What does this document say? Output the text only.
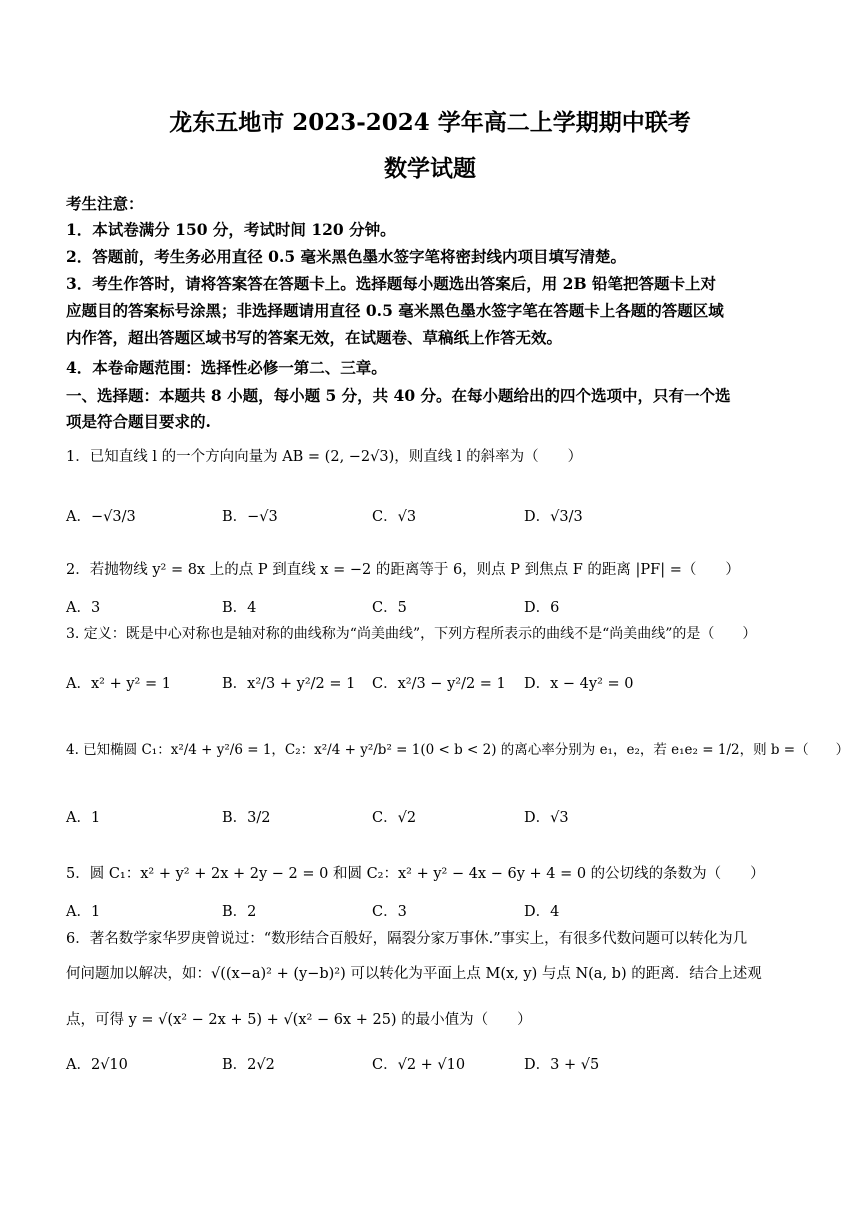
龙东五地市 2023-2024 学年高二上学期期中联考
数学试题
考生注意：
1．本试卷满分 150 分，考试时间 120 分钟。
2．答题前，考生务必用直径 0.5 毫米黑色墨水签字笔将密封线内项目填写清楚。
3．考生作答时，请将答案答在答题卡上。选择题每小题选出答案后，用 2B 铅笔把答题卡上对
应题目的答案标号涂黑；非选择题请用直径 0.5 毫米黑色墨水签字笔在答题卡上各题的答题区域
内作答，超出答题区域书写的答案无效，在试题卷、草稿纸上作答无效。
4．本卷命题范围：选择性必修一第二、三章。
一、选择题：本题共 8 小题，每小题 5 分，共 40 分。在每小题给出的四个选项中，只有一个选
项是符合题目要求的.
1．已知直线 l 的一个方向向量为 AB = (2, −2√3)，则直线 l 的斜率为（　　）
A．−√3/3	B．−√3	C．√3	D．√3/3
2．若抛物线 y² = 8x 上的点 P 到直线 x = −2 的距离等于 6，则点 P 到焦点 F 的距离 |PF| =（　　）
A．3	B．4	C．5	D．6
3. 定义：既是中心对称也是轴对称的曲线称为“尚美曲线”，下列方程所表示的曲线不是“尚美曲线”的是（　　）
A．x² + y² = 1	B．x²/3 + y²/2 = 1 C．x²/3 − y²/2 = 1 D．x − 4y² = 0
4. 已知椭圆 C₁：x²/4 + y²/6 = 1，C₂：x²/4 + y²/b² = 1(0 < b < 2) 的离心率分别为 e₁，e₂，若 e₁e₂ = 1/2，则 b =（　　）
A．1	B．3/2	C．√2	D．√3
5．圆 C₁：x² + y² + 2x + 2y − 2 = 0 和圆 C₂：x² + y² − 4x − 6y + 4 = 0 的公切线的条数为（　　）
A．1	B．2	C．3	D．4
6．著名数学家华罗庚曾说过：“数形结合百般好，隔裂分家万事休.”事实上，有很多代数问题可以转化为几
何问题加以解决，如：√((x−a)² + (y−b)²) 可以转化为平面上点 M(x, y) 与点 N(a, b) 的距离．结合上述观
点，可得 y = √(x² − 2x + 5) + √(x² − 6x + 25) 的最小值为（　　）
A．2√10	B．2√2	C．√2 + √10	D．3 + √5
